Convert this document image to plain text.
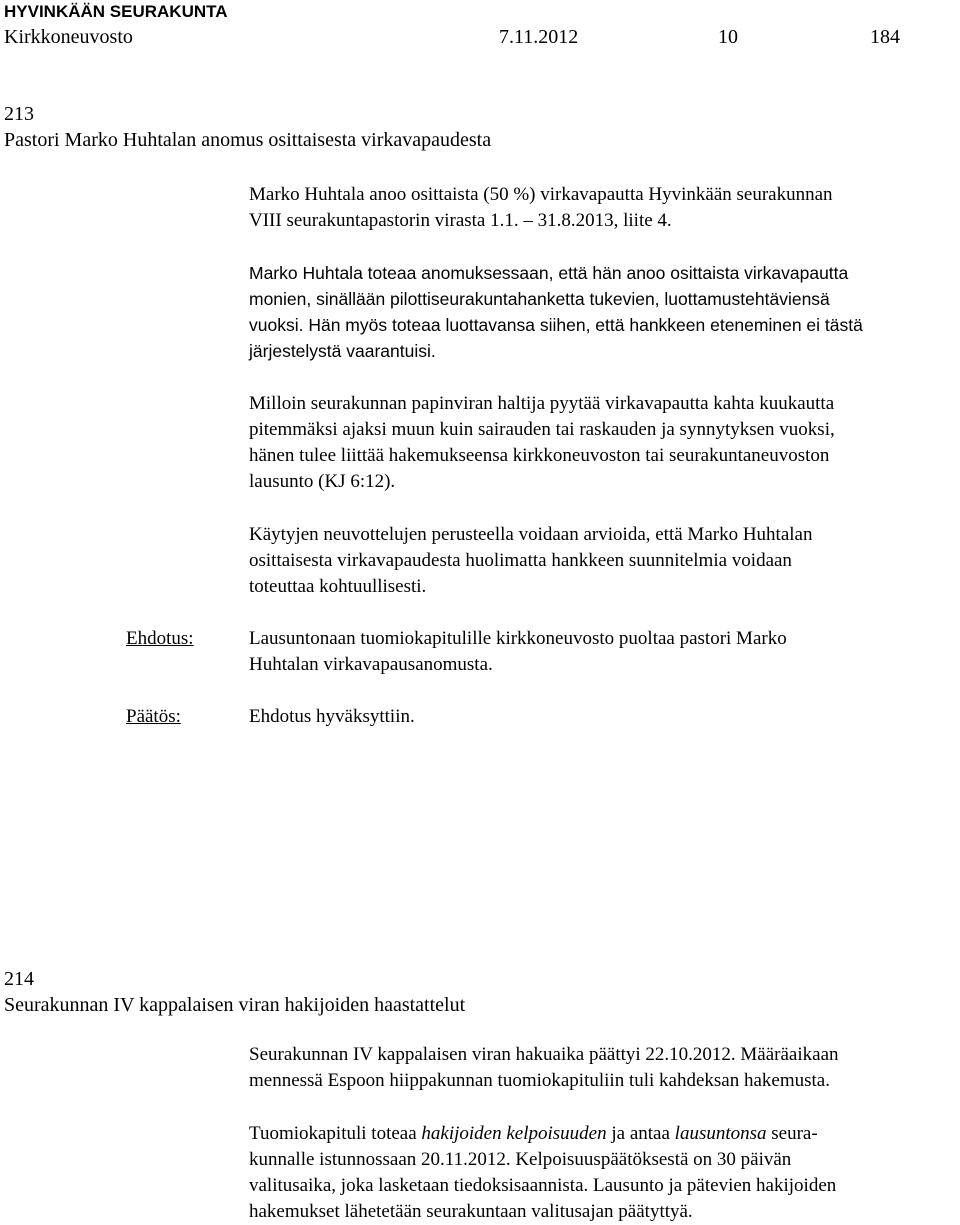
HYVINKÄÄN SEURAKUNTA
Kirkkoneuvosto	7.11.2012	10	184
213
Pastori Marko Huhtalan anomus osittaisesta virkavapaudesta

Marko Huhtala anoo osittaista (50 %) virkavapautta Hyvinkään seurakunnan

VIII seurakuntapastorin virasta 1.1. – 31.8.2013, liite 4.

Marko Huhtala toteaa anomuksessaan, että hän anoo osittaista virkavapautta

monien, sinällään pilottiseurakuntahanketta tukevien, luottamustehtäviensä

vuoksi. Hän myös toteaa luottavansa siihen, että hankkeen eteneminen ei tästä

järjestelystä vaarantuisi.

Milloin seurakunnan papinviran haltija pyytää virkavapautta kahta kuukautta

pitemmäksi ajaksi muun kuin sairauden tai raskauden ja synnytyksen vuoksi,

hänen tulee liittää hakemukseensa kirkkoneuvoston tai seurakuntaneuvoston

lausunto (KJ 6:12).

Käytyjen neuvottelujen perusteella voidaan arvioida, että Marko Huhtalan

osittaisesta virkavapaudesta huolimatta hankkeen suunnitelmia voidaan

toteuttaa kohtuullisesti.

Ehdotus:	Lausuntonaan tuomiokapitulille kirkkoneuvosto puoltaa pastori Marko

Huhtalan virkavapausanomusta.

Päätös:	Ehdotus hyväksyttiin.
214
Seurakunnan IV kappalaisen viran hakijoiden haastattelut

Seurakunnan IV kappalaisen viran hakuaika päättyi 22.10.2012. Määräaikaan

mennessä Espoon hiippakunnan tuomiokapituliin tuli kahdeksan hakemusta.

Tuomiokapituli toteaa hakijoiden kelpoisuuden ja antaa lausuntonsa seura-

kunnalle istunnossaan 20.11.2012. Kelpoisuuspäätöksestä on 30 päivän

valitusaika, joka lasketaan tiedoksisaannista. Lausunto ja pätevien hakijoiden

hakemukset lähetetään seurakuntaan valitusajan päätyttyä.
